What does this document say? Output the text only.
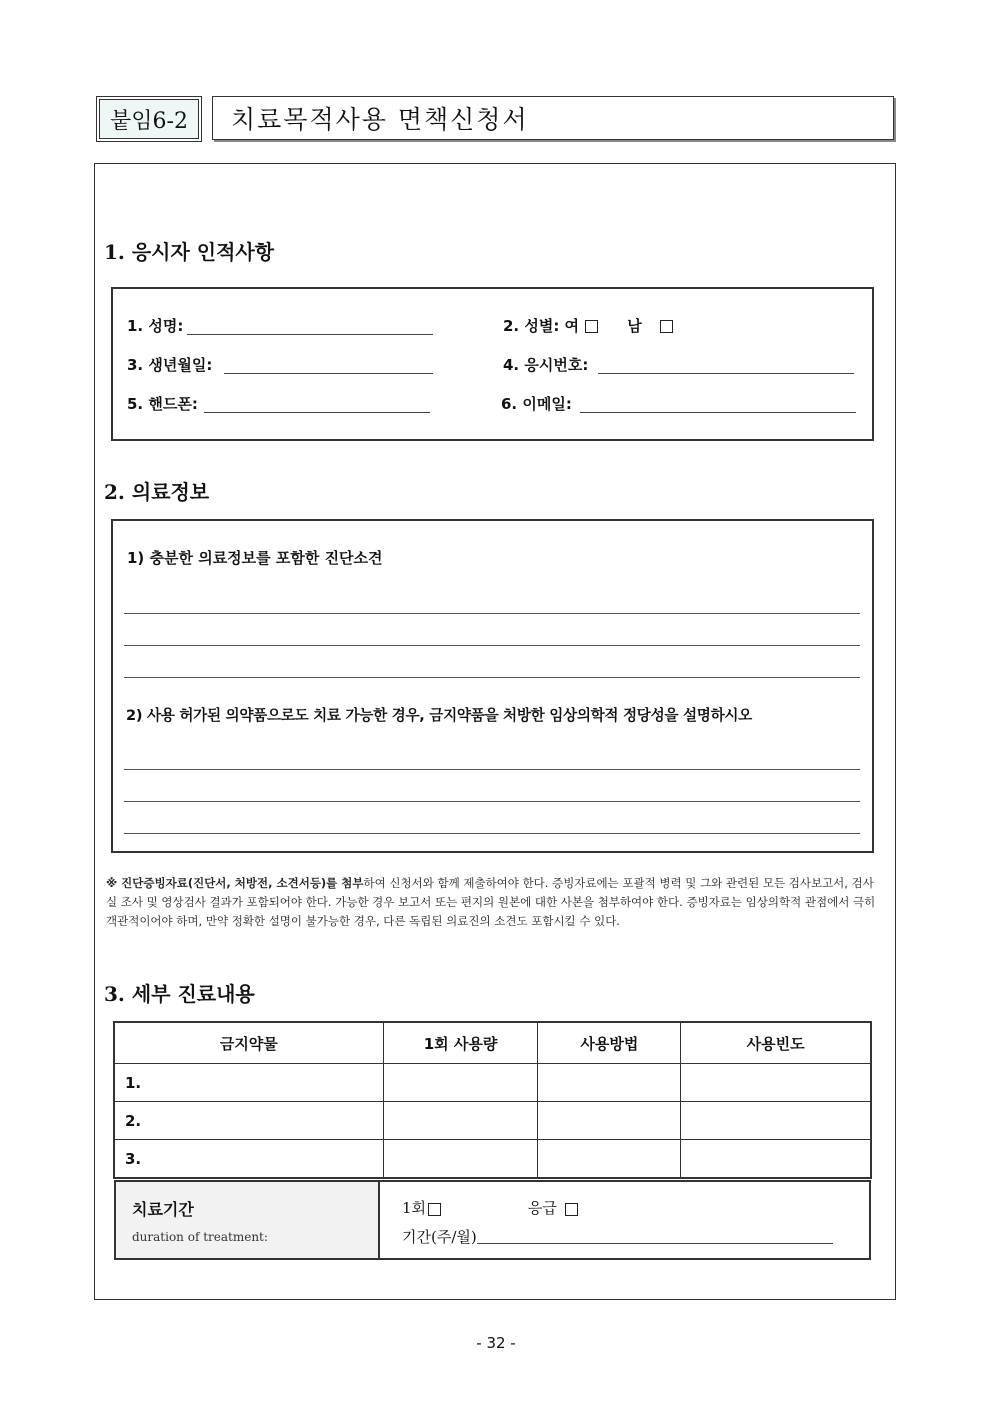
붙임6-2	치료목적사용 면책신청서
1. 응시자 인적사항
1. 성명:	2. 성별: 여	남
3. 생년월일:	4. 응시번호:
5. 핸드폰:	6. 이메일:
2. 의료정보
1) 충분한 의료정보를 포함한 진단소견
2) 사용 허가된 의약품으로도 치료 가능한 경우, 금지약품을 처방한 임상의학적 정당성을 설명하시오
※ 진단증빙자료(진단서, 처방전, 소견서등)를 첨부하여 신청서와 함께 제출하여야 한다. 증빙자료에는 포괄적 병력 및 그와 관련된 모든 검사보고서, 검사실 조사 및 영상검사 결과가 포함되어야 한다. 가능한 경우 보고서 또는 편지의 원본에 대한 사본을 첨부하여야 한다. 증빙자료는 임상의학적 관점에서 극히 객관적이어야 하며, 만약 정확한 설명이 불가능한 경우, 다른 독립된 의료진의 소견도 포함시킬 수 있다.
3. 세부 진료내용
금지약물	1회 사용량	사용방법	사용빈도
1.			
2.			
3.			
치료기간
duration of treatment:
1회	응급
기간(주/월)
- 32 -
